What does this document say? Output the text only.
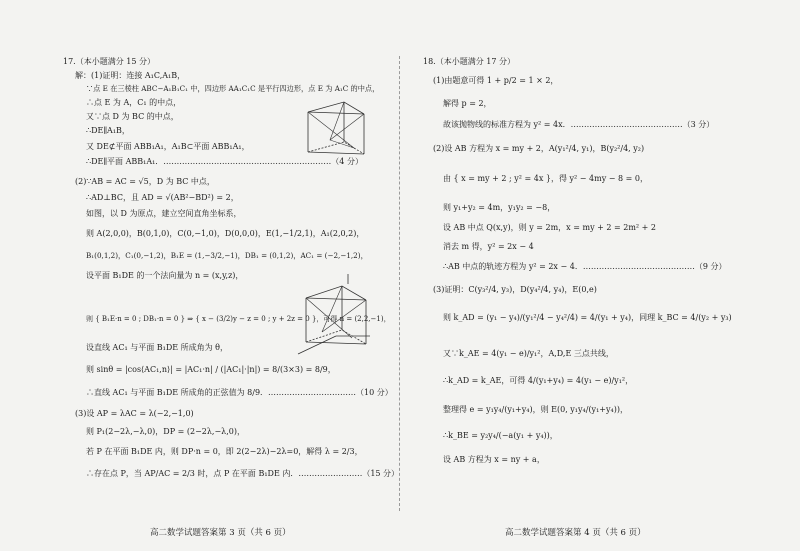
17.（本小题满分 15 分）
解：(1)证明：连接 A₁C,A₁B，
∵点 E 在三棱柱 ABC−A₁B₁C₁ 中，四边形 AA₁C₁C 是平行四边形，点 E 为 A₁C 的中点，
∴点 E 为 A，C₁ 的中点，
又∵点 D 为 BC 的中点，
∴DE∥A₁B，
又 DE⊄平面 ABB₁A₁，A₁B⊂平面 ABB₁A₁，
∴DE∥平面 ABB₁A₁．………………………………………………………（4 分）
(2)∵AB = AC = √5，D 为 BC 中点，
∴AD⊥BC，且 AD = √(AB²−BD²) = 2，
如图，以 D 为原点，建立空间直角坐标系，
则 A(2,0,0)，B(0,1,0)，C(0,−1,0)，D(0,0,0)，E(1,−1/2,1)，A₁(2,0,2)，
B₁(0,1,2)，C₁(0,−1,2)，B₁E = (1,−3/2,−1)，DB₁ = (0,1,2)，AC₁ = (−2,−1,2)，
设平面 B₁DE 的一个法向量为 n = (x,y,z)，
则 { B₁E·n = 0 ; DB₁·n = 0 } ⇒ { x − (3/2)y − z = 0 ; y + 2z = 0 }，可得 n = (2,2,−1)，
设直线 AC₁ 与平面 B₁DE 所成角为 θ，
则 sinθ = |cos⟨AC₁,n⟩| = |AC₁·n| / (|AC₁|·|n|) = 8/(3×3) = 8/9，
∴直线 AC₁ 与平面 B₁DE 所成角的正弦值为 8/9．……………………………（10 分）
(3)设 AP = λAC = λ(−2,−1,0)
则 P₁(2−2λ,−λ,0)，DP = (2−2λ,−λ,0)，
若 P 在平面 B₁DE 内，则 DP·n = 0，即 2(2−2λ)−2λ=0，解得 λ = 2/3，
∴存在点 P，当 AP/AC = 2/3 时，点 P 在平面 B₁DE 内．……………………（15 分）
18.（本小题满分 17 分）
(1)由题意可得 1 + p/2 = 1 × 2，
解得 p = 2，
故该抛物线的标准方程为 y² = 4x．……………………………………（3 分）
(2)设 AB 方程为 x = my + 2，A(y₁²/4, y₁)，B(y₂²/4, y₂)
由 { x = my + 2 ; y² = 4x }，得 y² − 4my − 8 = 0，
则 y₁+y₂ = 4m，y₁y₂ = −8，
设 AB 中点 Q(x,y)，则 y = 2m，x = my + 2 = 2m² + 2
消去 m 得，y² = 2x − 4
∴AB 中点的轨迹方程为 y² = 2x − 4．……………………………………（9 分）
(3)证明：C(y₃²/4, y₃)，D(y₄²/4, y₄)，E(0,e)
则 k_AD = (y₁ − y₄)/(y₁²/4 − y₄²/4) = 4/(y₁ + y₄)，同理 k_BC = 4/(y₂ + y₃)
又∵k_AE = 4(y₁ − e)/y₁²，A,D,E 三点共线，
∴k_AD = k_AE，可得 4/(y₁+y₄) = 4(y₁ − e)/y₁²，
整理得 e = y₁y₄/(y₁+y₄)，则 E(0, y₁y₄/(y₁+y₄))，
∴k_BE = y₂y₄/(−a(y₁ + y₄))，
设 AB 方程为 x = ny + a，
高二数学试题答案第 3 页（共 6 页）	高二数学试题答案第 4 页（共 6 页）
